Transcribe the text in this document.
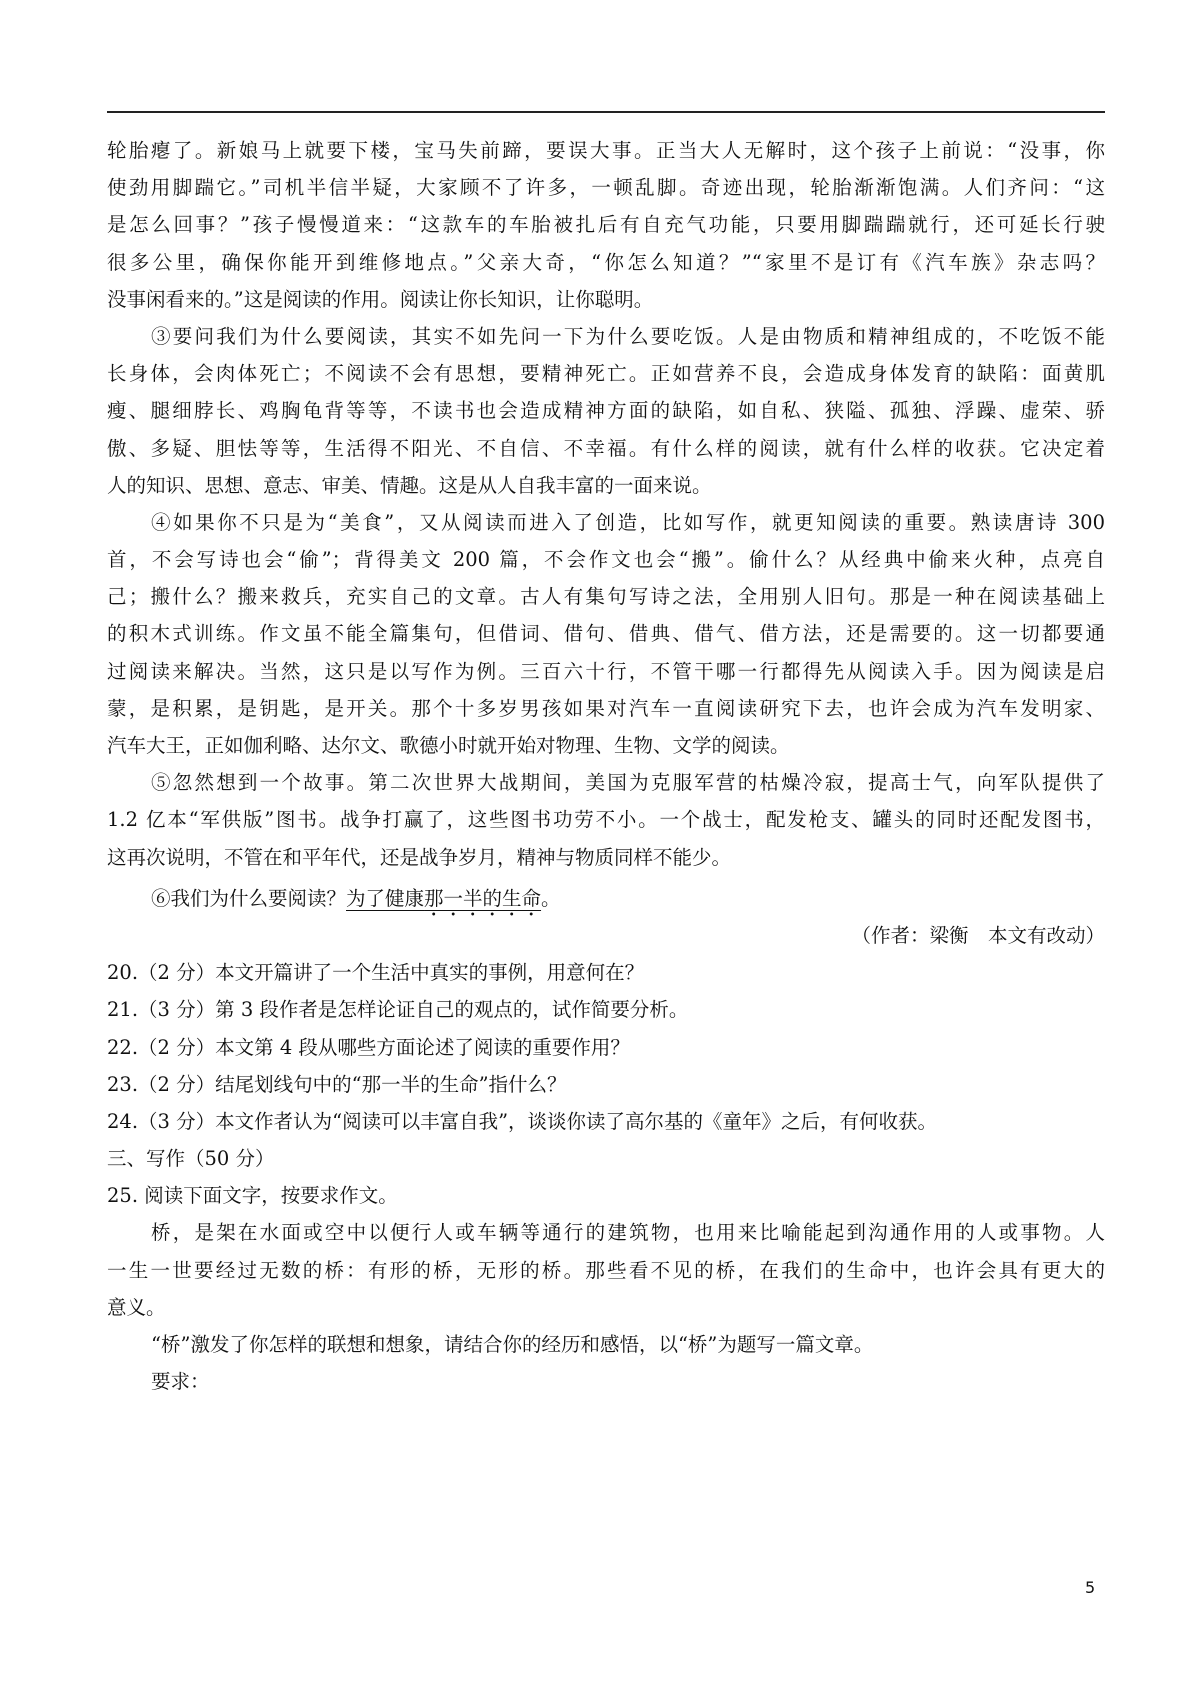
轮胎瘪了。新娘马上就要下楼，宝马失前蹄，要误大事。正当大人无解时，这个孩子上前说：“没事，你
使劲用脚踹它。”司机半信半疑，大家顾不了许多，一顿乱脚。奇迹出现，轮胎渐渐饱满。人们齐问：“这
是怎么回事？”孩子慢慢道来：“这款车的车胎被扎后有自充气功能，只要用脚踹踹就行，还可延长行驶
很多公里，确保你能开到维修地点。”父亲大奇，“你怎么知道？”“家里不是订有《汽车族》杂志吗？
没事闲看来的。”这是阅读的作用。阅读让你长知识，让你聪明。
③要问我们为什么要阅读，其实不如先问一下为什么要吃饭。人是由物质和精神组成的，不吃饭不能
长身体，会肉体死亡；不阅读不会有思想，要精神死亡。正如营养不良，会造成身体发育的缺陷：面黄肌
瘦、腿细脖长、鸡胸龟背等等，不读书也会造成精神方面的缺陷，如自私、狭隘、孤独、浮躁、虚荣、骄
傲、多疑、胆怯等等，生活得不阳光、不自信、不幸福。有什么样的阅读，就有什么样的收获。它决定着
人的知识、思想、意志、审美、情趣。这是从人自我丰富的一面来说。
④如果你不只是为“美食”，又从阅读而进入了创造，比如写作，就更知阅读的重要。熟读唐诗 300
首，不会写诗也会“偷”；背得美文 200 篇，不会作文也会“搬”。偷什么？从经典中偷来火种，点亮自
己；搬什么？搬来救兵，充实自己的文章。古人有集句写诗之法，全用别人旧句。那是一种在阅读基础上
的积木式训练。作文虽不能全篇集句，但借词、借句、借典、借气、借方法，还是需要的。这一切都要通
过阅读来解决。当然，这只是以写作为例。三百六十行，不管干哪一行都得先从阅读入手。因为阅读是启
蒙，是积累，是钥匙，是开关。那个十多岁男孩如果对汽车一直阅读研究下去，也许会成为汽车发明家、
汽车大王，正如伽利略、达尔文、歌德小时就开始对物理、生物、文学的阅读。
⑤忽然想到一个故事。第二次世界大战期间，美国为克服军营的枯燥冷寂，提高士气，向军队提供了
1.2 亿本“军供版”图书。战争打赢了，这些图书功劳不小。一个战士，配发枪支、罐头的同时还配发图书，
这再次说明，不管在和平年代，还是战争岁月，精神与物质同样不能少。
⑥我们为什么要阅读？为了健康那一半的生命。
（作者：梁衡　本文有改动）
20.（2 分）本文开篇讲了一个生活中真实的事例，用意何在？
21.（3 分）第 3 段作者是怎样论证自己的观点的，试作简要分析。
22.（2 分）本文第 4 段从哪些方面论述了阅读的重要作用？
23.（2 分）结尾划线句中的“那一半的生命”指什么？
24.（3 分）本文作者认为“阅读可以丰富自我”，谈谈你读了高尔基的《童年》之后，有何收获。
三、写作（50 分）
25. 阅读下面文字，按要求作文。
桥，是架在水面或空中以便行人或车辆等通行的建筑物，也用来比喻能起到沟通作用的人或事物。人
一生一世要经过无数的桥：有形的桥，无形的桥。那些看不见的桥，在我们的生命中，也许会具有更大的
意义。
“桥”激发了你怎样的联想和想象，请结合你的经历和感悟，以“桥”为题写一篇文章。
要求：
5
